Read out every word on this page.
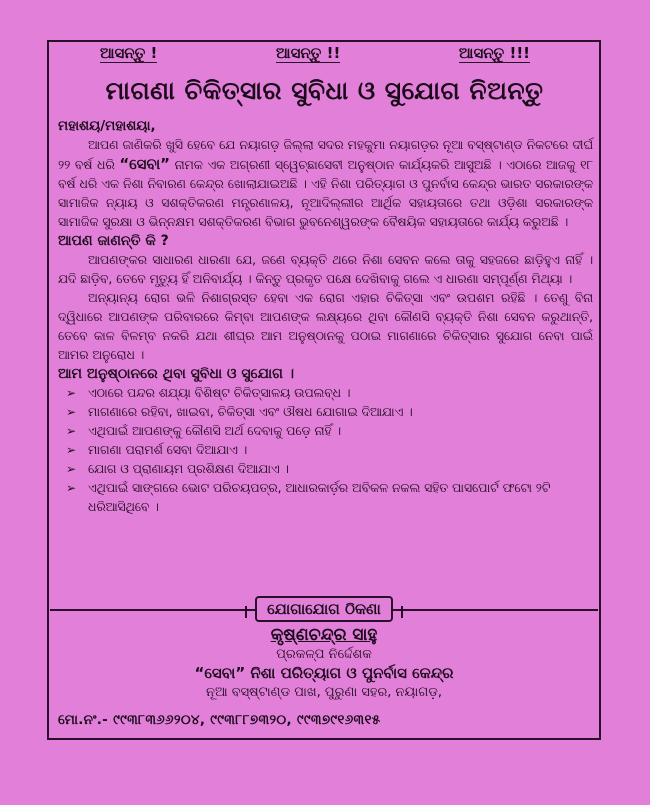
ଆସନ୍ତୁ !	ଆସନ୍ତୁ !!	ଆସନ୍ତୁ !!!
ମାଗଣା ଚିକିତ୍ସାର ସୁବିଧା ଓ ସୁଯୋଗ ନିଅନ୍ତୁ
ମହାଶୟ/ମହାଶୟା,

ଆପଣ ଜାଣିକରି ଖୁସି ହେବେ ଯେ ନୟାଗଡ଼ ଜିଲ୍ଲା ସଦର ମହକୁମା ନୟାଗଡ଼ର ନୂଆ ବସ୍ଷ୍ଟାଣ୍ଡ ନିକଟରେ ଦୀର୍ଘ ୨୨ ବର୍ଷ ଧରି “ସେବା” ନାମକ ଏକ ଅଗ୍ରଣୀ ସ୍ୱେଚ୍ଛାସେବୀ ଅନୁଷ୍ଠାନ କାର୍ଯ୍ୟକରି ଆସୁଅଛି । ଏଠାରେ ଆଜକୁ ୧୮ ବର୍ଷ ଧରି ଏକ ନିଶା ନିବାରଣ କେନ୍ଦ୍ର ଖୋଲାଯାଇଅଛି । ଏହି ନିଶା ପରିତ୍ୟାଗ ଓ ପୁନର୍ବାସ କେନ୍ଦ୍ର ଭାରତ ସରକାରଙ୍କ ସାମାଜିକ ନ୍ୟାୟ ଓ ସଶକ୍ତିକରଣ ମନ୍ତ୍ରଣାଳୟ, ନୂଆଦିଲ୍ଲୀର ଆର୍ଥିକ ସହାୟତାରେ ତଥା ଓଡ଼ିଶା ସରକାରଙ୍କ ସାମାଜିକ ସୁରକ୍ଷା ଓ ଭିନ୍ନକ୍ଷମ ସଶକ୍ତିକରଣ ବିଭାଗ ଭୁବନେଶ୍ୱରଙ୍କ ବୈଷୟିକ ସହାୟତାରେ କାର୍ଯ୍ୟ କରୁଅଛି ।

ଆପଣ ଜାଣନ୍ତି କି ?

ଆପଣଙ୍କର ସାଧାରଣ ଧାରଣା ଯେ, ଜଣେ ବ୍ୟକ୍ତି ଥରେ ନିଶା ସେବନ କଲେ ତାକୁ ସହଜରେ ଛାଡ଼ିହୁଏ ନାହିଁ । ଯଦି ଛାଡ଼ିବ, ତେବେ ମୃତ୍ୟୁ ହିଁ ଅନିବାର୍ଯ୍ୟ । କିନ୍ତୁ ପ୍ରକୃତ ପକ୍ଷେ ଦେଖିବାକୁ ଗଲେ ଏ ଧାରଣା ସମ୍ପୂର୍ଣ୍ଣ ମିଥ୍ୟା ।

ଅନ୍ୟାନ୍ୟ ରୋଗ ଭଳି ନିଶାଗ୍ରସ୍ତ ହେବା ଏକ ରୋଗ ଏହାର ଚିକିତ୍ସା ଏବଂ ଉପଶମ ରହିଛି । ତେଣୁ ବିନା ଦ୍ୱିଧାରେ ଆପଣଙ୍କ ପରିବାରରେ କିମ୍ବା ଆପଣଙ୍କ ଲକ୍ଷ୍ୟରେ ଥିବା କୌଣସି ବ୍ୟକ୍ତି ନିଶା ସେବନ କରୁଥାନ୍ତି, ତେବେ କାଳ ବିଳମ୍ବ ନକରି ଯଥା ଶୀଘ୍ର ଆମ ଅନୁଷ୍ଠାନକୁ ପଠାଇ ମାଗଣାରେ ଚିକିତ୍ସାର ସୁଯୋଗ ନେବା ପାଇଁ ଆମର ଅନୁରୋଧ ।

ଆମ ଅନୁଷ୍ଠାନରେ ଥିବା ସୁବିଧା ଓ ସୁଯୋଗ ।
➢ ଏଠାରେ ପନ୍ଦର ଶଯ୍ୟା ବିଶିଷ୍ଟ ଚିକିତ୍ସାଳୟ ଉପଲବ୍ଧ ।
➢ ମାଗଣାରେ ରହିବା, ଖାଇବା, ଚିକିତ୍ସା ଏବଂ ଔଷଧ ଯୋଗାଇ ଦିଆଯାଏ ।
➢ ଏଥିପାଇଁ ଆପଣଙ୍କୁ କୌଣସି ଅର୍ଥ ଦେବାକୁ ପଡ଼େ ନାହିଁ ।
➢ ମାଗଣା ପରାମର୍ଶ ସେବା ଦିଆଯାଏ ।
➢ ଯୋଗ ଓ ପ୍ରାଣାୟମ ପ୍ରଶିକ୍ଷଣ ଦିଆଯାଏ ।
➢ ଏଥିପାଇଁ ସାଙ୍ଗରେ ଭୋଟ ପରିଚୟପତ୍ର, ଆଧାରକାର୍ଡ଼ର ଅବିକଳ ନକଲ ସହିତ ପାସପୋର୍ଟ ଫଟୋ ୨ଟି ଧରିଆସିଥିବେ ।
ଯୋଗାଯୋଗ ଠିକଣା
କୃଷ୍ଣଚନ୍ଦ୍ର ସାହୁ
ପ୍ରକଳ୍ପ ନିର୍ଦ୍ଦେଶକ
“ସେବା” ନିଶା ପରିତ୍ୟାଗ ଓ ପୁନର୍ବାସ କେନ୍ଦ୍ର
ନୂଆ ବସ୍ଷ୍ଟାଣ୍ଡ ପାଖ, ପୁରୁଣା ସହର, ନୟାଗଡ଼,
ମୋ.ନଂ.- ୯୯୩୮୩୬୬୨୦୪, ୯୯୩୮୮୭୩୨୦, ୯୯୩୭୯୧୬୩୧୫
